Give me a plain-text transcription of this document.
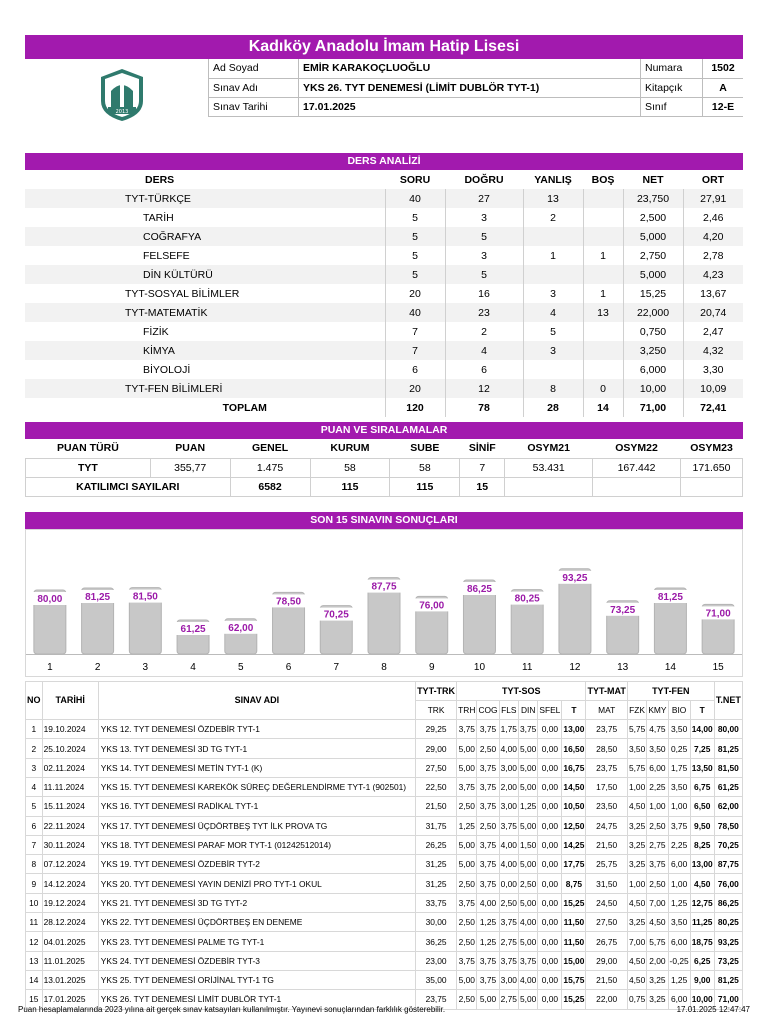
Kadıköy Anadolu İmam Hatip Lisesi
2013
Ad Soyad	EMİR KARAKOÇLUOĞLU	Numara	1502
Sınav Adı	YKS 26. TYT DENEMESİ (LİMİT DUBLÖR TYT-1)	Kitapçık	A
Sınav Tarihi	17.01.2025	Sınıf	12-E
DERS ANALİZİ
DERS	SORU	DOĞRU	YANLIŞ	BOŞ	NET	ORT
TYT-TÜRKÇE	40	27	13		23,750	27,91
TARİH	5	3	2		2,500	2,46
COĞRAFYA	5	5			5,000	4,20
FELSEFE	5	3	1	1	2,750	2,78
DİN KÜLTÜRÜ	5	5			5,000	4,23
TYT-SOSYAL BİLİMLER	20	16	3	1	15,25	13,67
TYT-MATEMATİK	40	23	4	13	22,000	20,74
FİZİK	7	2	5		0,750	2,47
KİMYA	7	4	3		3,250	4,32
BİYOLOJİ	6	6			6,000	3,30
TYT-FEN BİLİMLERİ	20	12	8	0	10,00	10,09
TOPLAM	120	78	28	14	71,00	72,41
PUAN VE SIRALAMALAR
PUAN TÜRÜ	PUAN	GENEL	KURUM	SUBE	SİNİF	OSYM21	OSYM22	OSYM23
TYT	355,77	1.475	58	58	7	53.431	167.442	171.650
KATILIMCI SAYILARI		6582	115	115	15			
SON 15 SINAVIN SONUÇLARI
80,00
1
81,25
2
81,50
3
61,25
4
62,00
5
78,50
6
70,25
7
87,75
8
76,00
9
86,25
10
80,25
11
93,25
12
73,25
13
81,25
14
71,00
15
NO	TARİHİ	SINAV ADI	TYT-TRK	TYT-SOS						TYT-MAT	TYT-FEN				T.NET
			TRK	TRH	COG	FLS	DIN	SFEL	T	MAT	FZK	KMY	BIO	T	
1	19.10.2024	YKS 12. TYT DENEMESİ ÖZDEBİR TYT-1	29,25	3,75	3,75	1,75	3,75	0,00	13,00	23,75	5,75	4,75	3,50	14,00	80,00
2	25.10.2024	YKS 13. TYT DENEMESİ 3D TG TYT-1	29,00	5,00	2,50	4,00	5,00	0,00	16,50	28,50	3,50	3,50	0,25	7,25	81,25
3	02.11.2024	YKS 14. TYT DENEMESİ METİN TYT-1 (K)	27,50	5,00	3,75	3,00	5,00	0,00	16,75	23,75	5,75	6,00	1,75	13,50	81,50
4	11.11.2024	YKS 15. TYT DENEMESİ KAREKÖK SÜREÇ DEĞERLENDİRME TYT-1 (902501)	22,50	3,75	3,75	2,00	5,00	0,00	14,50	17,50	1,00	2,25	3,50	6,75	61,25
5	15.11.2024	YKS 16. TYT DENEMESİ RADİKAL TYT-1	21,50	2,50	3,75	3,00	1,25	0,00	10,50	23,50	4,50	1,00	1,00	6,50	62,00
6	22.11.2024	YKS 17. TYT DENEMESİ ÜÇDÖRTBEŞ TYT İLK PROVA TG	31,75	1,25	2,50	3,75	5,00	0,00	12,50	24,75	3,25	2,50	3,75	9,50	78,50
7	30.11.2024	YKS 18. TYT DENEMESİ PARAF MOR TYT-1 (01242512014)	26,25	5,00	3,75	4,00	1,50	0,00	14,25	21,50	3,25	2,75	2,25	8,25	70,25
8	07.12.2024	YKS 19. TYT DENEMESİ ÖZDEBİR TYT-2	31,25	5,00	3,75	4,00	5,00	0,00	17,75	25,75	3,25	3,75	6,00	13,00	87,75
9	14.12.2024	YKS 20. TYT DENEMESİ YAYIN DENİZİ PRO TYT-1 OKUL	31,25	2,50	3,75	0,00	2,50	0,00	8,75	31,50	1,00	2,50	1,00	4,50	76,00
10	19.12.2024	YKS 21. TYT DENEMESİ 3D TG TYT-2	33,75	3,75	4,00	2,50	5,00	0,00	15,25	24,50	4,50	7,00	1,25	12,75	86,25
11	28.12.2024	YKS 22. TYT DENEMESİ ÜÇDÖRTBEŞ EN DENEME	30,00	2,50	1,25	3,75	4,00	0,00	11,50	27,50	3,25	4,50	3,50	11,25	80,25
12	04.01.2025	YKS 23. TYT DENEMESİ PALME TG TYT-1	36,25	2,50	1,25	2,75	5,00	0,00	11,50	26,75	7,00	5,75	6,00	18,75	93,25
13	11.01.2025	YKS 24. TYT DENEMESİ ÖZDEBİR TYT-3	23,00	3,75	3,75	3,75	3,75	0,00	15,00	29,00	4,50	2,00	-0,25	6,25	73,25
14	13.01.2025	YKS 25. TYT DENEMESİ ORİJİNAL TYT-1 TG	35,00	5,00	3,75	3,00	4,00	0,00	15,75	21,50	4,50	3,25	1,25	9,00	81,25
15	17.01.2025	YKS 26. TYT DENEMESİ LİMİT DUBLÖR TYT-1	23,75	2,50	5,00	2,75	5,00	0,00	15,25	22,00	0,75	3,25	6,00	10,00	71,00
Puan hesaplamalarında 2023 yılına ait gerçek sınav katsayıları kullanılmıştır. Yayınevi sonuçlarından farklılık gösterebilir.	17.01.2025 12:47:47
